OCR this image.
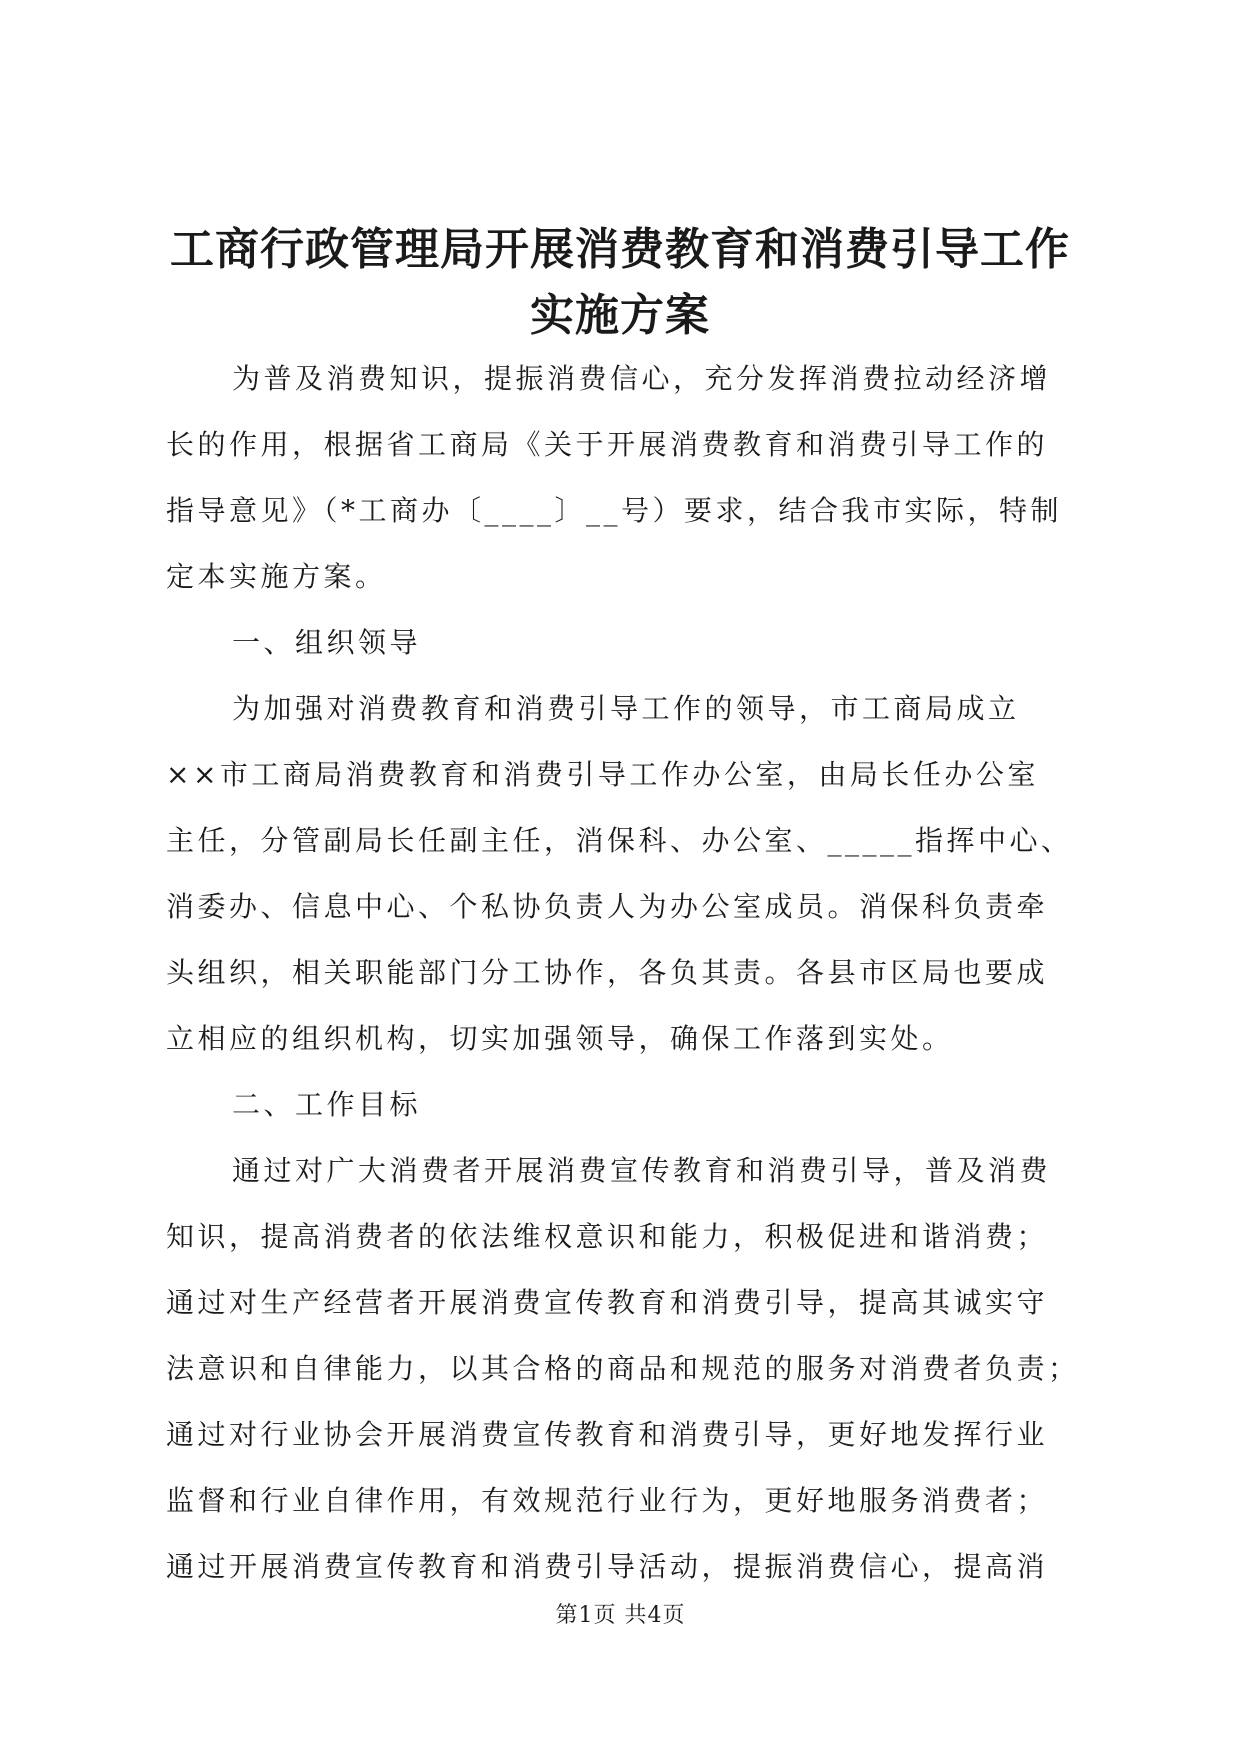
工商行政管理局开展消费教育和消费引导工作
实施方案
为普及消费知识，提振消费信心，充分发挥消费拉动经济增
长的作用，根据省工商局《关于开展消费教育和消费引导工作的
指导意见》（*工商办〔____〕__号）要求，结合我市实际，特制
定本实施方案。
一、组织领导
为加强对消费教育和消费引导工作的领导，市工商局成立
××市工商局消费教育和消费引导工作办公室，由局长任办公室
主任，分管副局长任副主任，消保科、办公室、_____指挥中心、
消委办、信息中心、个私协负责人为办公室成员。消保科负责牵
头组织，相关职能部门分工协作，各负其责。各县市区局也要成
立相应的组织机构，切实加强领导，确保工作落到实处。
二、工作目标
通过对广大消费者开展消费宣传教育和消费引导，普及消费
知识，提高消费者的依法维权意识和能力，积极促进和谐消费；
通过对生产经营者开展消费宣传教育和消费引导，提高其诚实守
法意识和自律能力，以其合格的商品和规范的服务对消费者负责；
通过对行业协会开展消费宣传教育和消费引导，更好地发挥行业
监督和行业自律作用，有效规范行业行为，更好地服务消费者；
通过开展消费宣传教育和消费引导活动，提振消费信心，提高消
第1页 共4页
